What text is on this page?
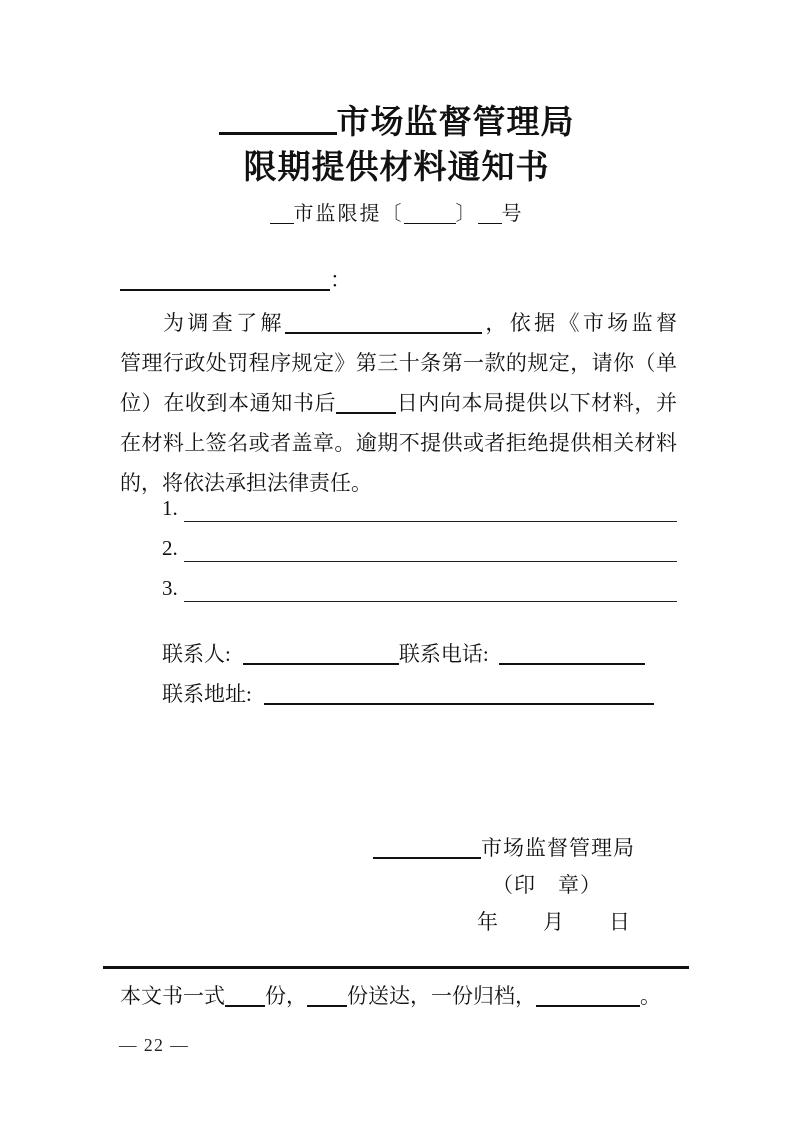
市场监督管理局
限期提供材料通知书
市监限提〔	〕 号
：
为调查了解	，依据《市场监督
管理行政处罚程序规定》第三十条第一款的规定，请你（单
位）在收到本通知书后	日内向本局提供以下材料，并
在材料上签名或者盖章。逾期不提供或者拒绝提供相关材料
的，将依法承担法律责任。
1.
2.
3.
联系人:	联系电话:
联系地址:
市场监督管理局
（印　章）
年　　月　　日
本文书一式 份， 份送达，一份归档，	。
— 22 —
